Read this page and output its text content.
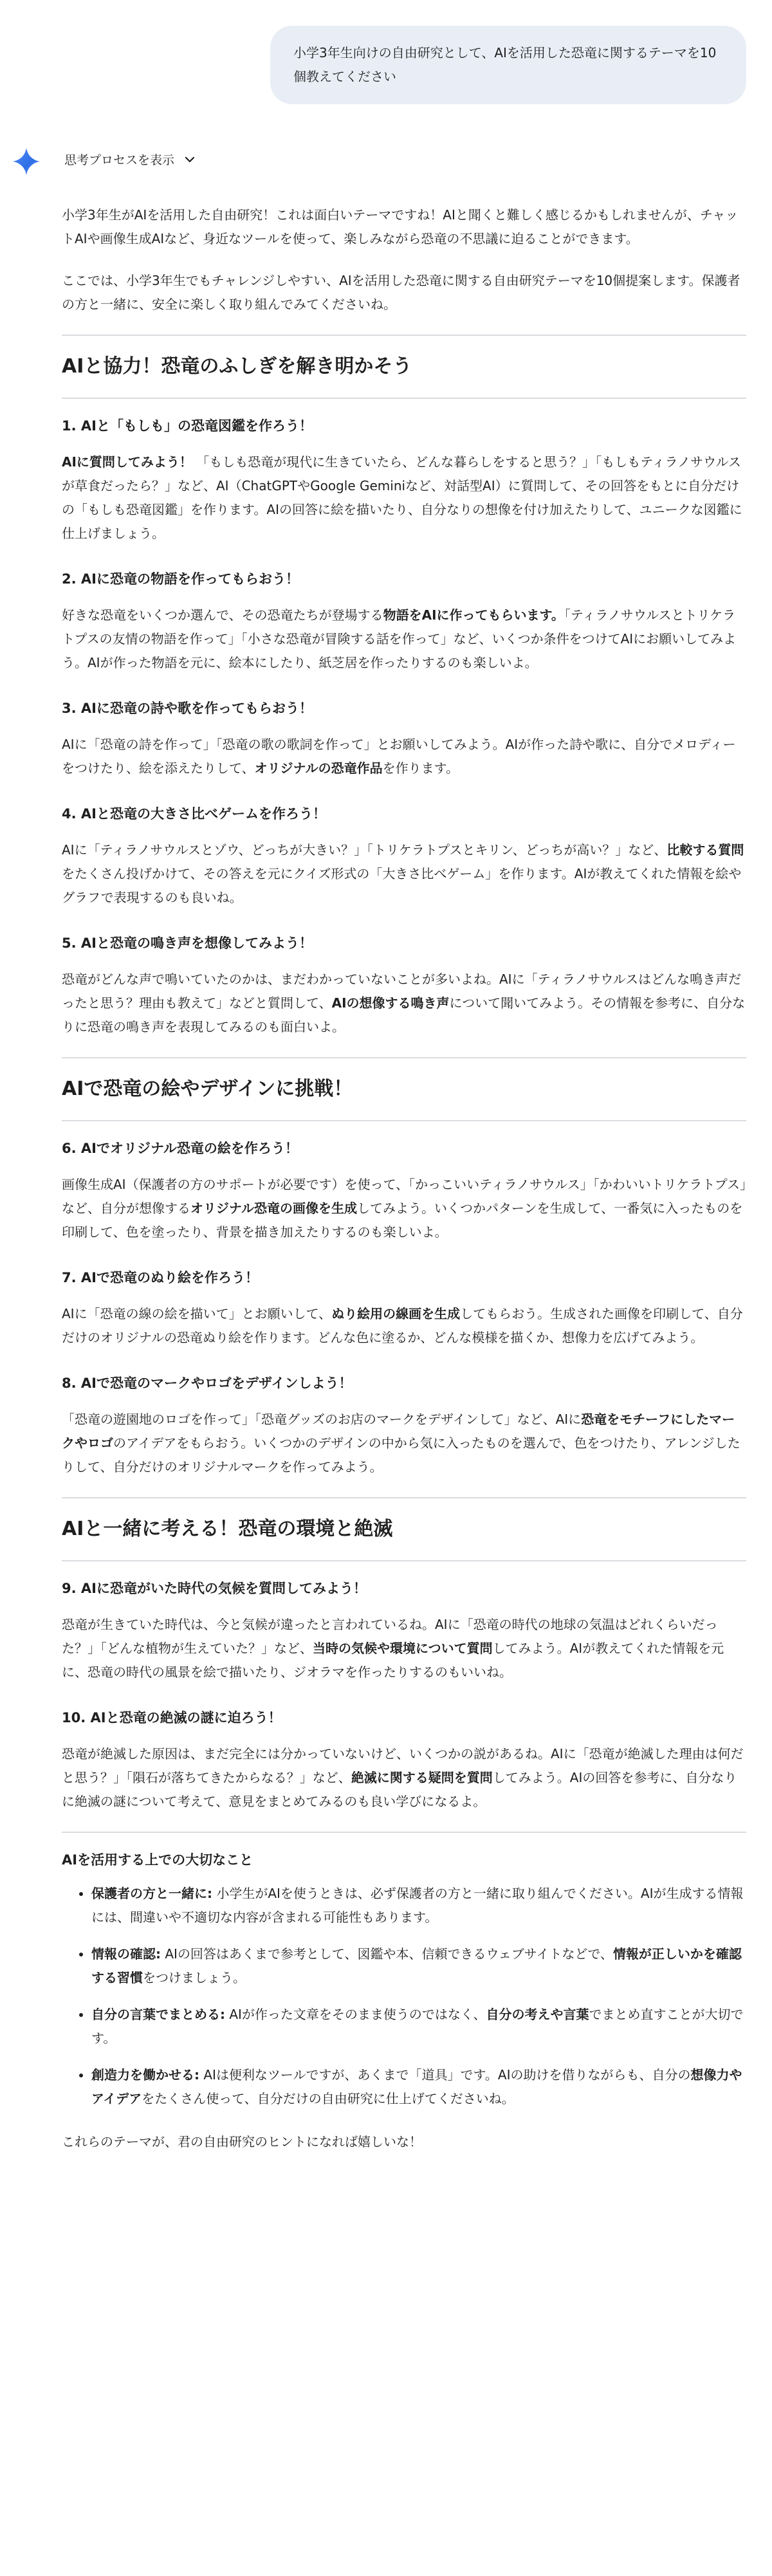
小学3年生向けの自由研究として、AIを活用した恐竜に関するテーマを10個教えてください
思考プロセスを表示

小学3年生がAIを活用した自由研究！これは面白いテーマですね！AIと聞くと難しく感じるかもしれませんが、チャットAIや画像生成AIなど、身近なツールを使って、楽しみながら恐竜の不思議に迫ることができます。

ここでは、小学3年生でもチャレンジしやすい、AIを活用した恐竜に関する自由研究テーマを10個提案します。保護者の方と一緒に、安全に楽しく取り組んでみてくださいね。

AIと協力！恐竜のふしぎを解き明かそう
1. AIと「もしも」の恐竜図鑑を作ろう！

AIに質問してみよう！ 「もしも恐竜が現代に生きていたら、どんな暮らしをすると思う？」「もしもティラノサウルスが草食だったら？」など、AI（ChatGPTやGoogle Geminiなど、対話型AI）に質問して、その回答をもとに自分だけの「もしも恐竜図鑑」を作ります。AIの回答に絵を描いたり、自分なりの想像を付け加えたりして、ユニークな図鑑に仕上げましょう。

2. AIに恐竜の物語を作ってもらおう！

好きな恐竜をいくつか選んで、その恐竜たちが登場する物語をAIに作ってもらいます。「ティラノサウルスとトリケラトプスの友情の物語を作って」「小さな恐竜が冒険する話を作って」など、いくつか条件をつけてAIにお願いしてみよう。AIが作った物語を元に、絵本にしたり、紙芝居を作ったりするのも楽しいよ。

3. AIに恐竜の詩や歌を作ってもらおう！

AIに「恐竜の詩を作って」「恐竜の歌の歌詞を作って」とお願いしてみよう。AIが作った詩や歌に、自分でメロディーをつけたり、絵を添えたりして、オリジナルの恐竜作品を作ります。

4. AIと恐竜の大きさ比べゲームを作ろう！

AIに「ティラノサウルスとゾウ、どっちが大きい？」「トリケラトプスとキリン、どっちが高い？」など、比較する質問をたくさん投げかけて、その答えを元にクイズ形式の「大きさ比べゲーム」を作ります。AIが教えてくれた情報を絵やグラフで表現するのも良いね。

5. AIと恐竜の鳴き声を想像してみよう！

恐竜がどんな声で鳴いていたのかは、まだわかっていないことが多いよね。AIに「ティラノサウルスはどんな鳴き声だったと思う？理由も教えて」などと質問して、AIの想像する鳴き声について聞いてみよう。その情報を参考に、自分なりに恐竜の鳴き声を表現してみるのも面白いよ。

AIで恐竜の絵やデザインに挑戦！
6. AIでオリジナル恐竜の絵を作ろう！

画像生成AI（保護者の方のサポートが必要です）を使って、「かっこいいティラノサウルス」「かわいいトリケラトプス」など、自分が想像するオリジナル恐竜の画像を生成してみよう。いくつかパターンを生成して、一番気に入ったものを印刷して、色を塗ったり、背景を描き加えたりするのも楽しいよ。

7. AIで恐竜のぬり絵を作ろう！

AIに「恐竜の線の絵を描いて」とお願いして、ぬり絵用の線画を生成してもらおう。生成された画像を印刷して、自分だけのオリジナルの恐竜ぬり絵を作ります。どんな色に塗るか、どんな模様を描くか、想像力を広げてみよう。

8. AIで恐竜のマークやロゴをデザインしよう！

「恐竜の遊園地のロゴを作って」「恐竜グッズのお店のマークをデザインして」など、AIに恐竜をモチーフにしたマークやロゴのアイデアをもらおう。いくつかのデザインの中から気に入ったものを選んで、色をつけたり、アレンジしたりして、自分だけのオリジナルマークを作ってみよう。

AIと一緒に考える！恐竜の環境と絶滅
9. AIに恐竜がいた時代の気候を質問してみよう！

恐竜が生きていた時代は、今と気候が違ったと言われているね。AIに「恐竜の時代の地球の気温はどれくらいだった？」「どんな植物が生えていた？」など、当時の気候や環境について質問してみよう。AIが教えてくれた情報を元に、恐竜の時代の風景を絵で描いたり、ジオラマを作ったりするのもいいね。

10. AIと恐竜の絶滅の謎に迫ろう！

恐竜が絶滅した原因は、まだ完全には分かっていないけど、いくつかの説があるね。AIに「恐竜が絶滅した理由は何だと思う？」「隕石が落ちてきたからなる？」など、絶滅に関する疑問を質問してみよう。AIの回答を参考に、自分なりに絶滅の謎について考えて、意見をまとめてみるのも良い学びになるよ。

AIを活用する上での大切なこと
• 保護者の方と一緒に: 小学生がAIを使うときは、必ず保護者の方と一緒に取り組んでください。AIが生成する情報には、間違いや不適切な内容が含まれる可能性もあります。
• 情報の確認: AIの回答はあくまで参考として、図鑑や本、信頼できるウェブサイトなどで、情報が正しいかを確認する習慣をつけましょう。
• 自分の言葉でまとめる: AIが作った文章をそのまま使うのではなく、自分の考えや言葉でまとめ直すことが大切です。
• 創造力を働かせる: AIは便利なツールですが、あくまで「道具」です。AIの助けを借りながらも、自分の想像力やアイデアをたくさん使って、自分だけの自由研究に仕上げてくださいね。

これらのテーマが、君の自由研究のヒントになれば嬉しいな！
